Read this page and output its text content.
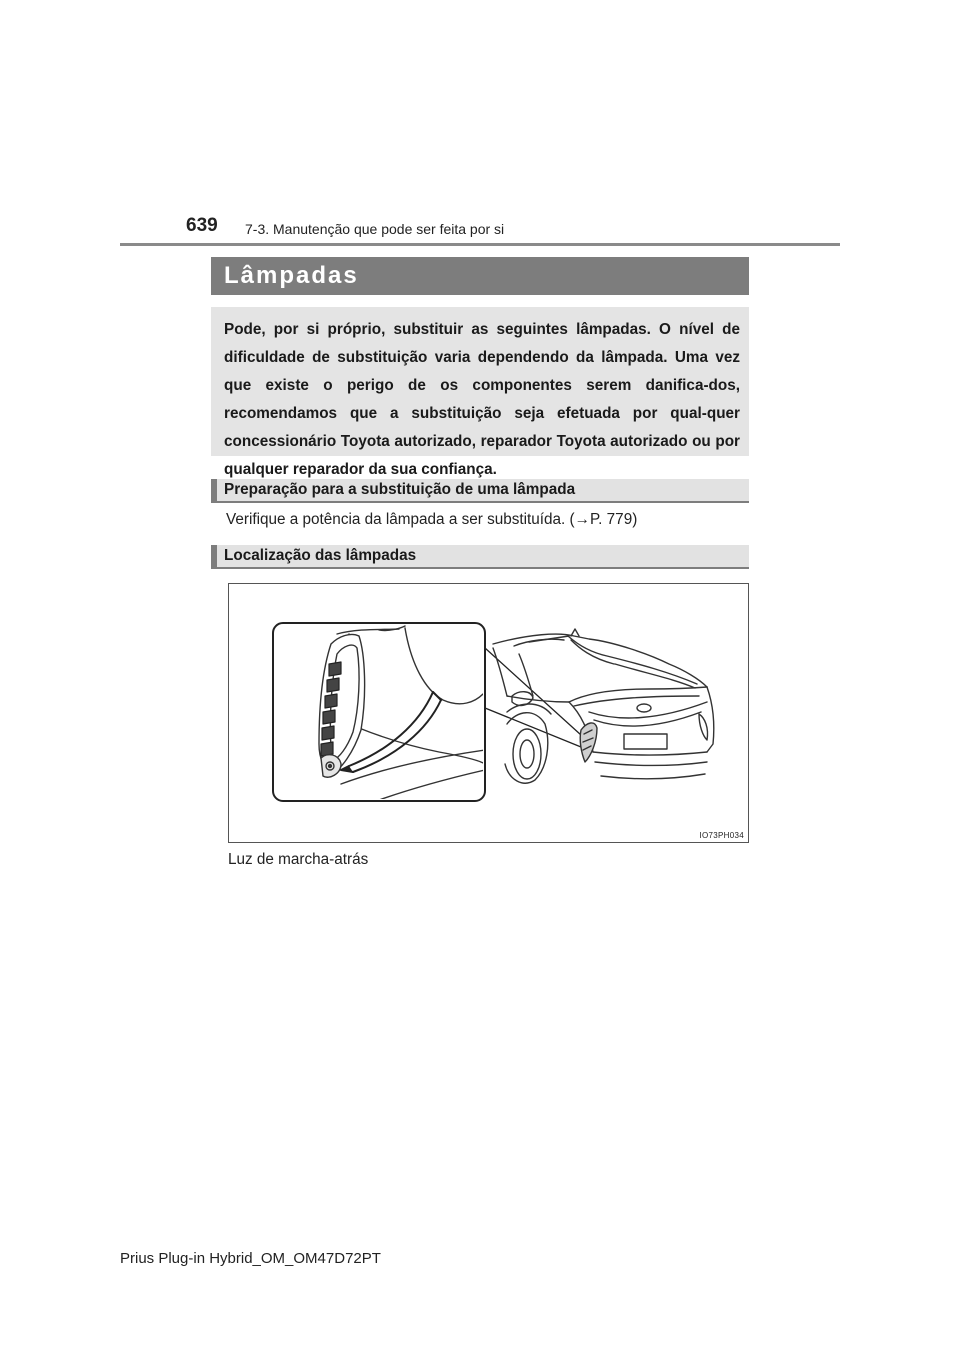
639 7-3. Manutenção que pode ser feita por si
Lâmpadas

Pode, por si próprio, substituir as seguintes lâmpadas. O nível de dificuldade de substituição varia dependendo da lâmpada. Uma vez que existe o perigo de os componentes serem danifica-dos, recomendamos que a substituição seja efetuada por qual-quer concessionário Toyota autorizado, reparador Toyota autorizado ou por qualquer reparador da sua confiança.

Preparação para a substituição de uma lâmpada
Verifique a potência da lâmpada a ser substituída. (→P. 779)
Localização das lâmpadas
IO73PH034
Luz de marcha-atrás
Prius Plug-in Hybrid_OM_OM47D72PT
